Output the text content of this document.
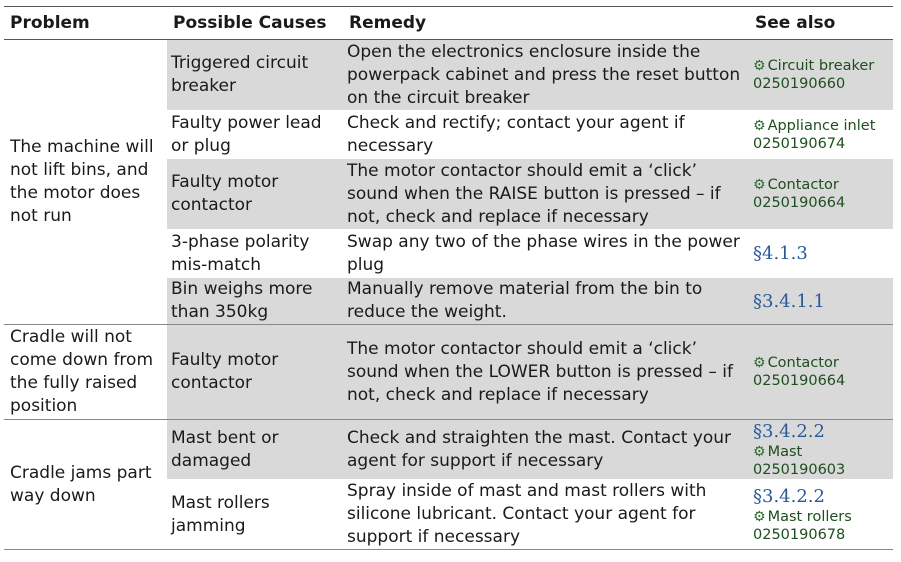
Problem	Possible Causes	Remedy	See also
The machine will not lift bins, and the motor does not run	Triggered circuit breaker	Open the electronics enclosure inside the powerpack cabinet and press the reset button on the circuit breaker	⚙ Circuit breaker 0250190660

	Faulty power lead or plug	Check and rectify; contact your agent if necessary	⚙ Appliance inlet 0250190674

	Faulty motor contactor	The motor contactor should emit a ‘click’ sound when the RAISE button is pressed – if not, check and replace if necessary	⚙ Contactor 0250190664

	3-phase polarity mis-match	Swap any two of the phase wires in the power plug	§4.1.3

	Bin weighs more than 350kg	Manually remove material from the bin to reduce the weight.	§3.4.1.1

Cradle will not come down from the fully raised position	Faulty motor contactor	The motor contactor should emit a ‘click’ sound when the LOWER button is pressed – if not, check and replace if necessary	⚙ Contactor 0250190664

Cradle jams part way down	Mast bent or damaged	Check and straighten the mast. Contact your agent for support if necessary	§3.4.2.2
⚙ Mast 0250190603

	Mast rollers jamming	Spray inside of mast and mast rollers with silicone lubricant. Contact your agent for support if necessary	§3.4.2.2
⚙ Mast rollers 0250190678
